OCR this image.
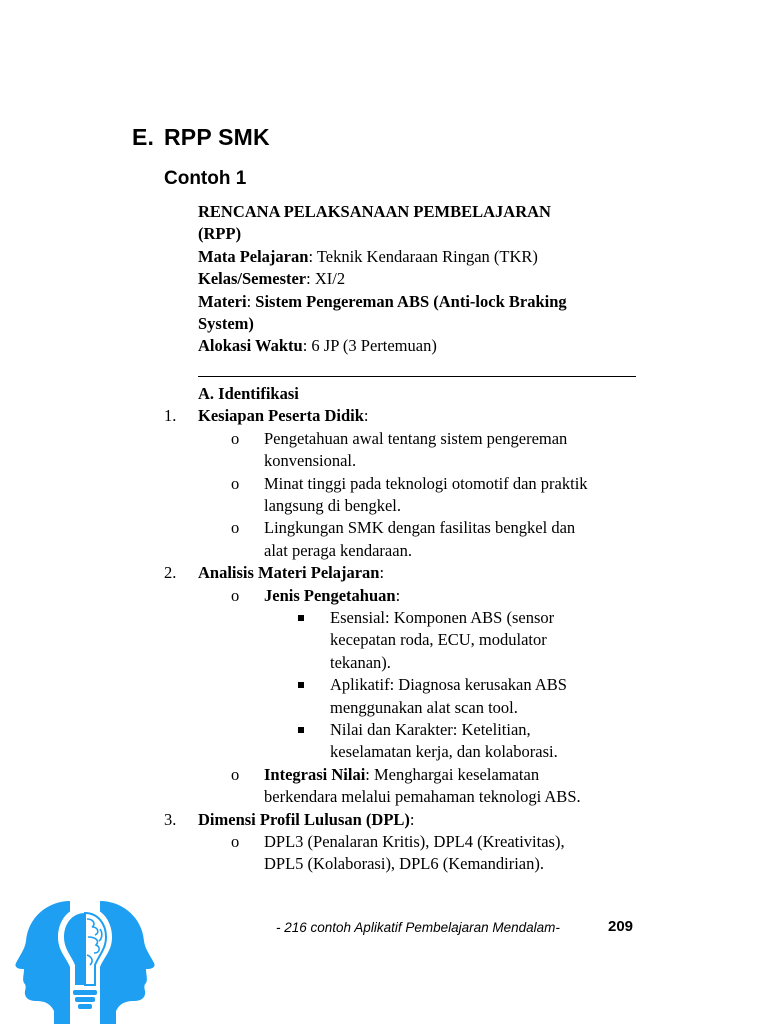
E. RPP SMK
Contoh 1
RENCANA PELAKSANAAN PEMBELAJARAN
(RPP)
Mata Pelajaran: Teknik Kendaraan Ringan (TKR)
Kelas/Semester: XI/2
Materi: Sistem Pengereman ABS (Anti-lock Braking
System)
Alokasi Waktu: 6 JP (3 Pertemuan)
A. Identifikasi
1. Kesiapan Peserta Didik:
o Pengetahuan awal tentang sistem pengereman
konvensional.
o Minat tinggi pada teknologi otomotif dan praktik
langsung di bengkel.
o Lingkungan SMK dengan fasilitas bengkel dan
alat peraga kendaraan.
2. Analisis Materi Pelajaran:
o Jenis Pengetahuan:
Esensial: Komponen ABS (sensor
kecepatan roda, ECU, modulator
tekanan).
Aplikatif: Diagnosa kerusakan ABS
menggunakan alat scan tool.
Nilai dan Karakter: Ketelitian,
keselamatan kerja, dan kolaborasi.
o Integrasi Nilai: Menghargai keselamatan
berkendara melalui pemahaman teknologi ABS.
3. Dimensi Profil Lulusan (DPL):
o DPL3 (Penalaran Kritis), DPL4 (Kreativitas),
DPL5 (Kolaborasi), DPL6 (Kemandirian).
- 216 contoh Aplikatif Pembelajaran Mendalam-	209
